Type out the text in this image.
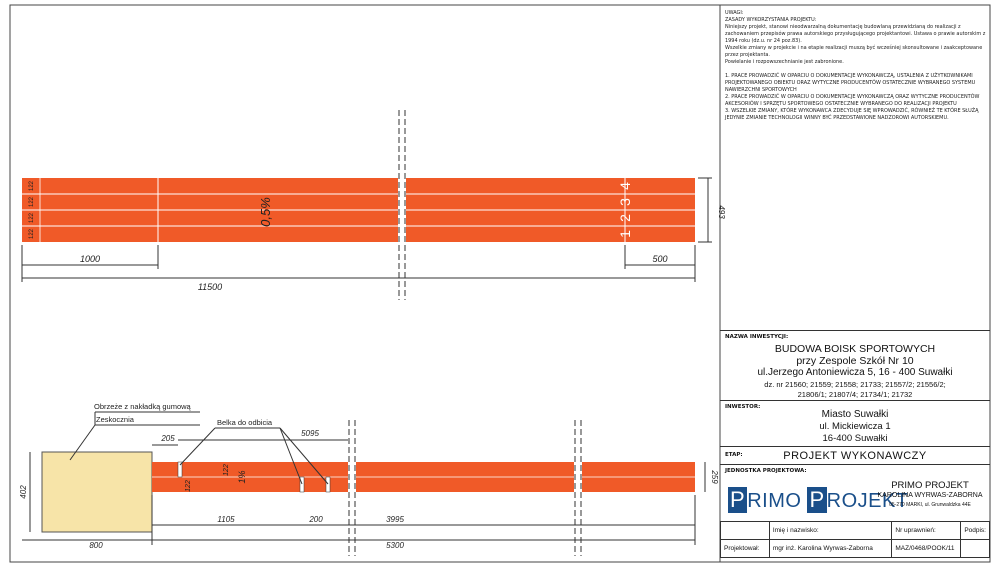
1000
11500
500
493
0,5%
4
3
2
1
122
122
122
122
205
5095
402
122
122
1%	259
1105	200	3995
800	5300
Obrzeże z nakładką gumową
Zeskocznia	Belka do odbicia
UWAGI:
ZASADY WYKORZYSTANIA PROJEKTU:
Niniejszy projekt, stanowi nieodwarzalną dokumentację budowlaną przewidzianą do realizacji z zachowaniem przepisów prawa autorskiego przysługującego projektantowi. Ustawa o prawie autorskim z 1994 roku (dz.u. nr 24 poz.83).
Wszelkie zmiany w projekcie i na etapie realizacji muszą być wcześniej skonsultowane i zaakceptowane przez projektanta.
Powielanie i rozpowszechnianie jest zabronione.
1. PRACE PROWADZIĆ W OPARCIU O DOKUMENTACJE WYKONAWCZĄ, USTALENIA Z UŻYTKOWNIKAMI PROJEKTOWANEGO OBIEKTU ORAZ WYTYCZNE PRODUCENTÓW OSTATECZNIE WYBRANEGO SYSTEMU NAWIERZCHNI SPORTOWYCH
2. PRACE PROWADZIĆ W OPARCIU O DOKUMENTACJE WYKONAWCZĄ ORAZ WYTYCZNE PRODUCENTÓW AKCESORIÓW I SPRZĘTU SPORTOWEGO OSTATECZNIE WYBRANEGO DO REALIZACJI PROJEKTU
3. WSZELKIE ZMIANY, KTÓRE WYKONAWCA ZDECYDUJE SIĘ WPROWADZIĆ, RÓWNIEŻ TE KTÓRE SŁUŻĄ JEDYNIE ZMIANIE TECHNOLOGII WINNY BYĆ PRZEDSTAWIONE NADZOROWI AUTORSKIEMU.
NAZWA INWESTYCJI:
BUDOWA BOISK SPORTOWYCH
przy Zespole Szkół Nr 10
ul.Jerzego Antoniewicza 5, 16 - 400 Suwałki
dz. nr 21560; 21559; 21558; 21733; 21557/2; 21556/2;
21806/1; 21807/4; 21734/1; 21732
INWESTOR:
Miasto Suwałki
ul. Mickiewicza 1
16-400 Suwałki
ETAP:	PROJEKT WYKONAWCZY
JEDNOSTKA PROJEKTOWA:
P RIMO P ROJEKT
PRIMO PROJEKT
KAROLINA WYRWAS-ZABORNA
05-270 MARKI, ul. Grunwaldzka 44E
	Imię i nazwisko:	Nr uprawnień:	Podpis:
Projektował:	mgr inż. Karolina Wyrwas-Zaborna	MAZ/0468/POOK/11	
